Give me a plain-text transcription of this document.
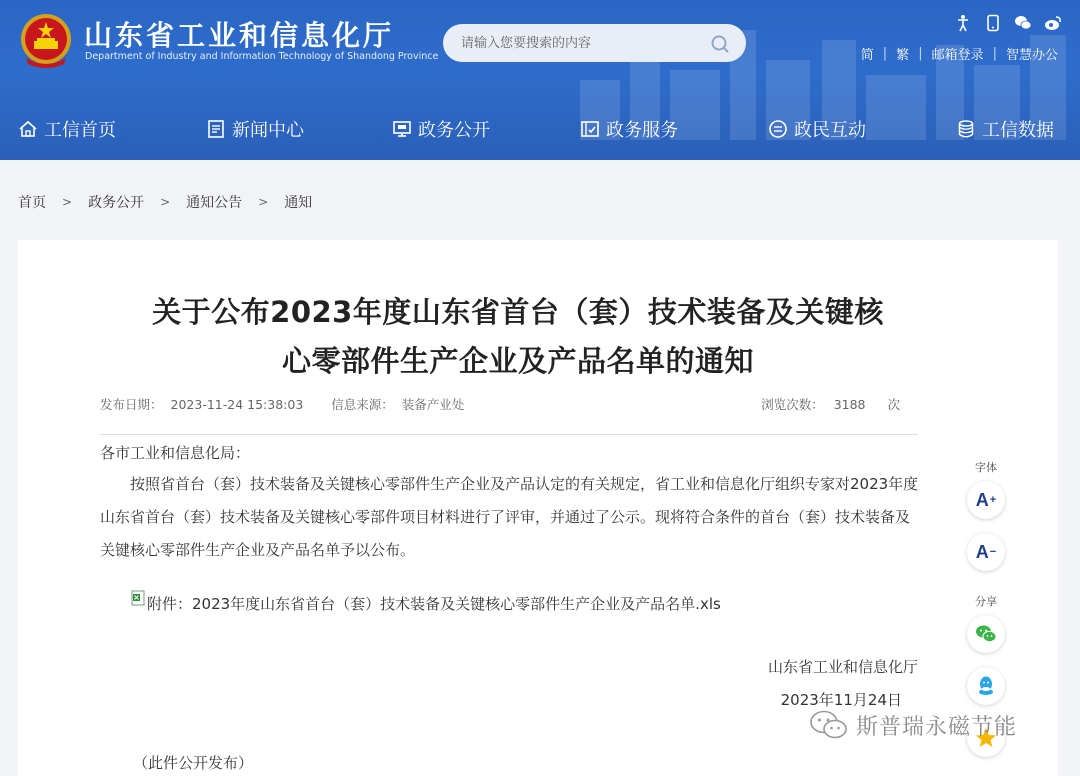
山东省工业和信息化厅
Department of Industry and Information Technology of Shandong Province
请输入您要搜索的内容	简 | 繁 | 邮箱登录 | 智慧办公
工信首页	新闻中心	政务公开	政务服务	政民互动	工信数据
首页 > 政务公开 > 通知公告 > 通知
关于公布2023年度山东省首台（套）技术装备及关键核
心零部件生产企业及产品名单的通知
发布日期： 2023-11-24 15:38:03 信息来源： 装备产业处	浏览次数： 3188 次
各市工业和信息化局：
按照省首台（套）技术装备及关键核心零部件生产企业及产品认定的有关规定，省工业和信息化厅组织专家对2023年度山东省首台（套）技术装备及关键核心零部件项目材料进行了评审，并通过了公示。现将符合条件的首台（套）技术装备及关键核心零部件生产企业及产品名单予以公布。
附件：2023年度山东省首台（套）技术装备及关键核心零部件生产企业及产品名单.xls
山东省工业和信息化厅
2023年11月24日
（此件公开发布）
字体
A +
A −
分享
斯普瑞永磁节能
